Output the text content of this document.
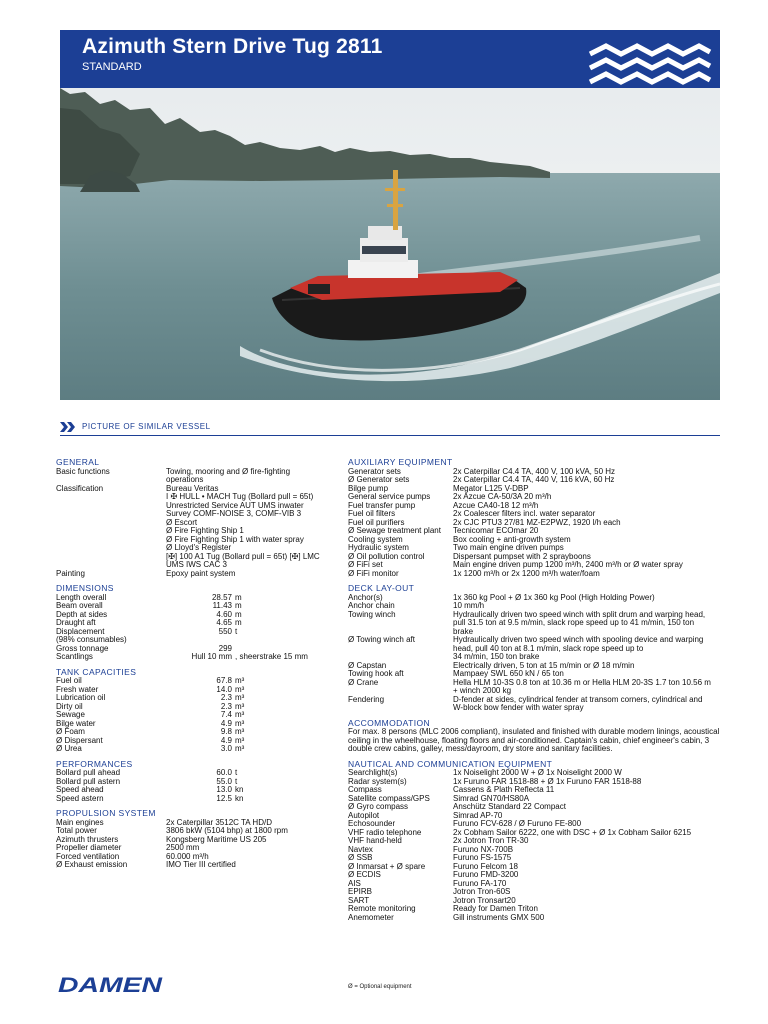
Azimuth Stern Drive Tug 2811
STANDARD
PICTURE OF SIMILAR VESSEL
GENERAL
Basic functions	Towing, mooring and Ø fire-fighting
operations
Classification	Bureau Veritas
I ✠ HULL • MACH Tug (Bollard pull = 65t)
Unrestricted Service AUT UMS inwater
Survey COMF-NOISE 3, COMF-VIB 3
Ø Escort
Ø Fire Fighting Ship 1
Ø Fire Fighting Ship 1 with water spray
Ø Lloyd's Register
[✠] 100 A1 Tug (Bollard pull = 65t) [✠] LMC
UMS IWS CAC 3
Painting	Epoxy paint system
DIMENSIONS
Length overall	28.57 m
Beam overall	11.43 m
Depth at sides	4.60 m
Draught aft	4.65 m
Displacement	550 t
(98% consumables)
Gross tonnage	299
Scantlings	Hull 10 mm , sheerstrake 15 mm
TANK CAPACITIES
Fuel oil	67.8 m³
Fresh water	14.0 m³
Lubrication oil	2.3 m³
Dirty oil	2.3 m³
Sewage	7.4 m³
Bilge water	4.9 m³
Ø Foam	9.8 m³
Ø Dispersant	4.9 m³
Ø Urea	3.0 m³
PERFORMANCES
Bollard pull ahead	60.0 t
Bollard pull astern	55.0 t
Speed ahead	13.0 kn
Speed astern	12.5 kn
PROPULSION SYSTEM
Main engines	2x Caterpillar 3512C TA HD/D
Total power	3806 bkW (5104 bhp) at 1800 rpm
Azimuth thrusters	Kongsberg Maritime US 205
Propeller diameter	2500 mm
Forced ventilation	60.000 m³/h
Ø Exhaust emission	IMO Tier III certified
AUXILIARY EQUIPMENT
Generator sets	2x Caterpillar C4.4 TA, 400 V, 100 kVA, 50 Hz
Ø Generator sets	2x Caterpillar C4.4 TA, 440 V, 116 kVA, 60 Hz
Bilge pump	Megator L125 V-DBP
General service pumps	2x Azcue CA-50/3A 20 m³/h
Fuel transfer pump	Azcue CA40-18 12 m³/h
Fuel oil filters	2x Coalescer filters incl. water separator
Fuel oil purifiers	2x CJC PTU3 27/81 MZ-E2PWZ, 1920 l/h each
Ø Sewage treatment plant	Tecnicomar ECOmar 20
Cooling system	Box cooling + anti-growth system
Hydraulic system	Two main engine driven pumps
Ø Oil pollution control	Dispersant pumpset with 2 sprayboons
Ø FiFi set	Main engine driven pump 1200 m³/h, 2400 m³/h or Ø water spray
Ø FiFi monitor	1x 1200 m³/h or 2x 1200 m³/h water/foam
DECK LAY-OUT
Anchor(s)	1x 360 kg Pool + Ø 1x 360 kg Pool (High Holding Power)
Anchor chain	10 mm/h
Towing winch	Hydraulically driven two speed winch with split drum and warping head,
pull 31.5 ton at 9.5 m/min, slack rope speed up to 41 m/min, 150 ton
brake
Ø Towing winch aft	Hydraulically driven two speed winch with spooling device and warping
head, pull 40 ton at 8.1 m/min, slack rope speed up to
34 m/min, 150 ton brake
Ø Capstan	Electrically driven, 5 ton at 15 m/min or Ø 18 m/min
Towing hook aft	Mampaey SWL 650 kN / 65 ton
Ø Crane	Hella HLM 10-3S 0.8 ton at 10.36 m or Hella HLM 20-3S 1.7 ton 10.56 m
+ winch 2000 kg
Fendering	D-fender at sides, cylindrical fender at transom corners, cylindrical and
W-block bow fender with water spray
ACCOMMODATION
For max. 8 persons (MLC 2006 compliant), insulated and finished with durable modern linings, acoustical ceiling in the wheelhouse, floating floors and air-conditioned. Captain's cabin, chief engineer's cabin, 3 double crew cabins, galley, mess/dayroom, dry store and sanitary facilities.
NAUTICAL AND COMMUNICATION EQUIPMENT
Searchlight(s)	1x Noiselight 2000 W + Ø 1x Noiselight 2000 W
Radar system(s)	1x Furuno FAR 1518-88 + Ø 1x Furuno FAR 1518-88
Compass	Cassens & Plath Reflecta 11
Satellite compass/GPS	Simrad GN70/HS80A
Ø Gyro compass	Anschütz Standard 22 Compact
Autopilot	Simrad AP-70
Echosounder	Furuno FCV-628 / Ø Furuno FE-800
VHF radio telephone	2x Cobham Sailor 6222, one with DSC + Ø 1x Cobham Sailor 6215
VHF hand-held	2x Jotron Tron TR-30
Navtex	Furuno NX-700B
Ø SSB	Furuno FS-1575
Ø Inmarsat + Ø spare	Furuno Felcom 18
Ø ECDIS	Furuno FMD-3200
AIS	Furuno FA-170
EPIRB	Jotron Tron-60S
SART	Jotron Tronsart20
Remote monitoring	Ready for Damen Triton
Anemometer	Gill instruments GMX 500
DAMEN	Ø = Optional equipment
